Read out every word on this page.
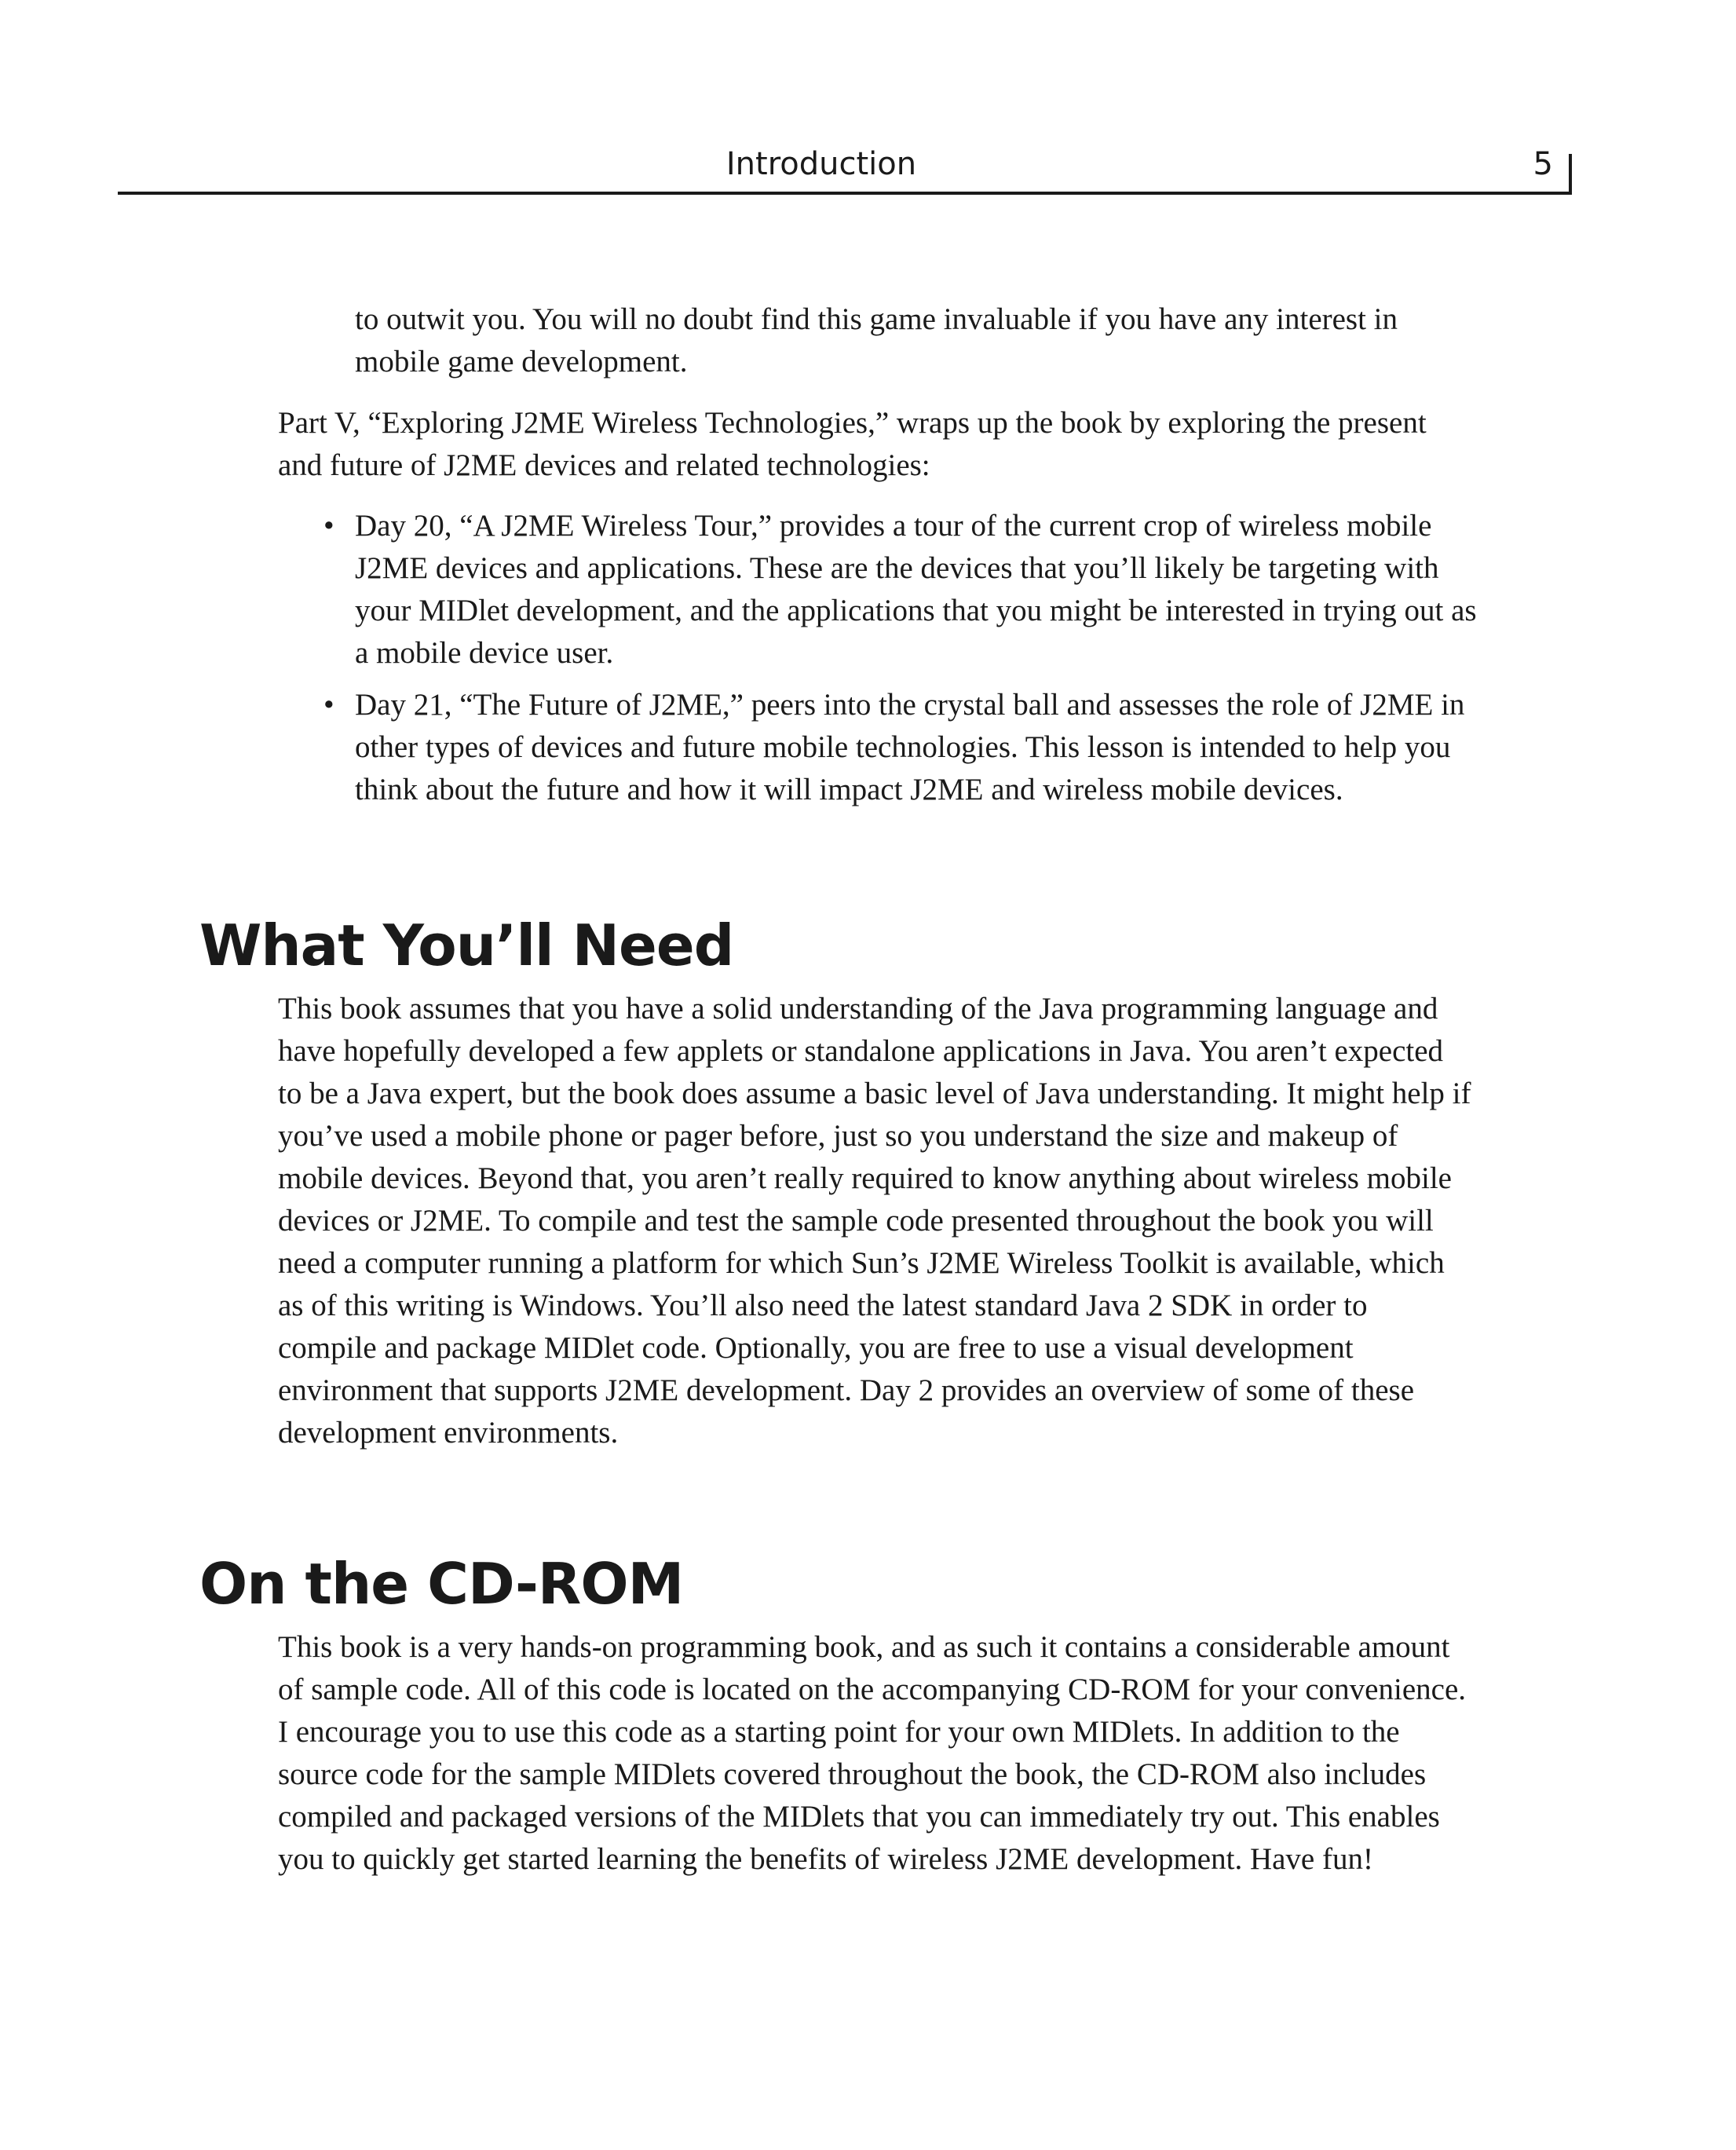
Introduction	5

to outwit you. You will no doubt find this game invaluable if you have any interest in mobile game development.

Part V, “Exploring J2ME Wireless Technologies,” wraps up the book by exploring the present and future of J2ME devices and related technologies:

• Day 20, “A J2ME Wireless Tour,” provides a tour of the current crop of wireless mobile J2ME devices and applications. These are the devices that you’ll likely be targeting with your MIDlet development, and the applications that you might be interested in trying out as a mobile device user.
• Day 21, “The Future of J2ME,” peers into the crystal ball and assesses the role of J2ME in other types of devices and future mobile technologies. This lesson is intended to help you think about the future and how it will impact J2ME and wireless mobile devices.
What You’ll Need

This book assumes that you have a solid understanding of the Java programming language and have hopefully developed a few applets or standalone applications in Java. You aren’t expected to be a Java expert, but the book does assume a basic level of Java understanding. It might help if you’ve used a mobile phone or pager before, just so you understand the size and makeup of mobile devices. Beyond that, you aren’t really required to know anything about wireless mobile devices or J2ME. To compile and test the sample code presented throughout the book you will need a computer running a platform for which Sun’s J2ME Wireless Toolkit is available, which as of this writing is Windows. You’ll also need the latest standard Java 2 SDK in order to compile and package MIDlet code. Optionally, you are free to use a visual development environment that supports J2ME development. Day 2 provides an overview of some of these development environments.

On the CD-ROM

This book is a very hands-on programming book, and as such it contains a considerable amount of sample code. All of this code is located on the accompanying CD-ROM for your convenience. I encourage you to use this code as a starting point for your own MIDlets. In addition to the source code for the sample MIDlets covered throughout the book, the CD-ROM also includes compiled and packaged versions of the MIDlets that you can immediately try out. This enables you to quickly get started learning the benefits of wireless J2ME development. Have fun!
